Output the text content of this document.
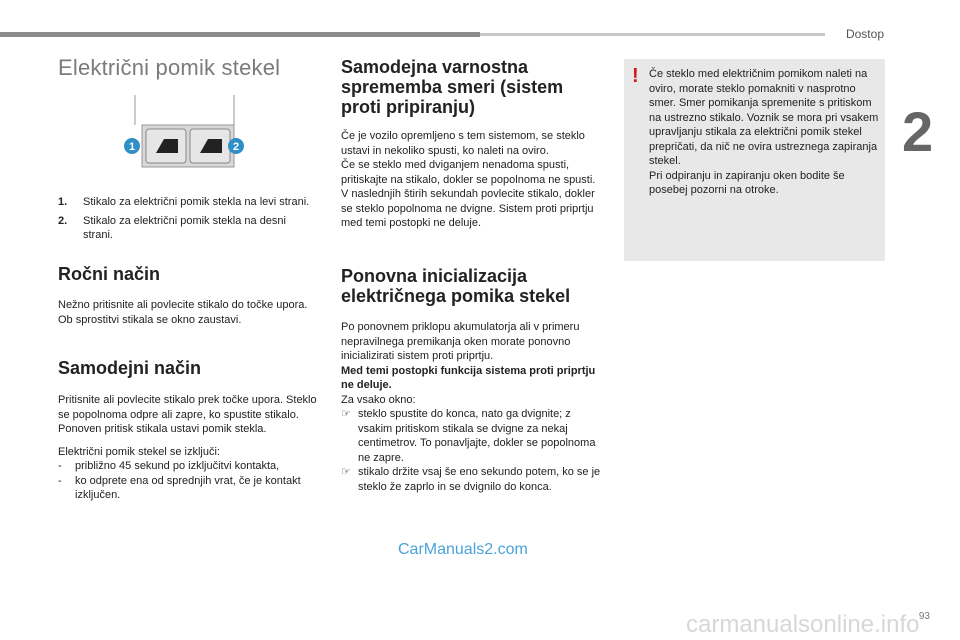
Dostop
2
93
Električni pomik stekel
1	2
1.	Stikalo za električni pomik stekla na levi strani.
2.	Stikalo za električni pomik stekla na desni strani.
Ročni način

Nežno pritisnite ali povlecite stikalo do točke upora. Ob sprostitvi stikala se okno zaustavi.

Samodejni način

Pritisnite ali povlecite stikalo prek točke upora. Steklo se popolnoma odpre ali zapre, ko spustite stikalo. Ponoven pritisk stikala ustavi pomik stekla.

Električni pomik stekel se izključi:

-	približno 45 sekund po izključitvi kontakta,
-	ko odprete ena od sprednjih vrat, če je kontakt izključen.
Samodejna varnostna sprememba smeri (sistem proti pripiranju)

Če je vozilo opremljeno s tem sistemom, se steklo ustavi in nekoliko spusti, ko naleti na oviro.

Če se steklo med dviganjem nenadoma spusti, pritiskajte na stikalo, dokler se popolnoma ne spusti. V naslednjih štirih sekundah povlecite stikalo, dokler se steklo popolnoma ne dvigne. Sistem proti priprtju med temi postopki ne deluje.

Ponovna inicializacija električnega pomika stekel

Po ponovnem priklopu akumulatorja ali v primeru nepravilnega premikanja oken morate ponovno inicializirati sistem proti priprtju.

Med temi postopki funkcija sistema proti priprtju ne deluje.

Za vsako okno:

☞ steklo spustite do konca, nato ga dvignite; z vsakim pritiskom stikala se dvigne za nekaj centimetrov. To ponavljajte, dokler se popolnoma ne zapre.
☞ stikalo držite vsaj še eno sekundo potem, ko se je steklo že zaprlo in se dvignilo do konca.
! Če steklo med električnim pomikom naleti na oviro, morate steklo pomakniti v nasprotno smer. Smer pomikanja spremenite s pritiskom na ustrezno stikalo. Voznik se mora pri vsakem upravljanju stikala za električni pomik stekel prepričati, da nič ne ovira ustreznega zapiranja stekel.

Pri odpiranju in zapiranju oken bodite še posebej pozorni na otroke.

CarManuals2.com
carmanualsonline.info
